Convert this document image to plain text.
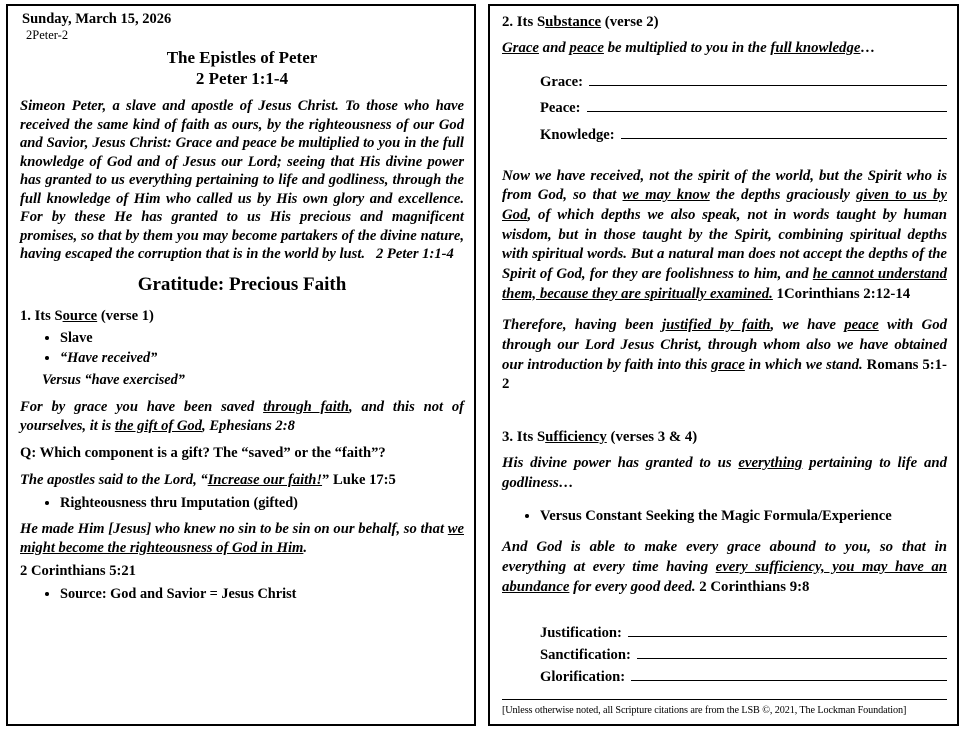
Sunday, March 15, 2026
2Peter-2
The Epistles of Peter
2 Peter 1:1-4

Simeon Peter, a slave and apostle of Jesus Christ. To those who have received the same kind of faith as ours, by the righteousness of our God and Savior, Jesus Christ: Grace and peace be multiplied to you in the full knowledge of God and of Jesus our Lord; seeing that His divine power has granted to us everything pertaining to life and godliness, through the full knowledge of Him who called us by His own glory and excellence. For by these He has granted to us His precious and magnificent promises, so that by them you may become partakers of the divine nature, having escaped the corruption that is in the world by lust. 2 Peter 1:1-4

Gratitude: Precious Faith
1. Its Source (verse 1)
• Slave
• “Have received”
Versus “have exercised”

For by grace you have been saved through faith, and this not of yourselves, it is the gift of God, Ephesians 2:8

Q: Which component is a gift? The “saved” or the “faith”?

The apostles said to the Lord, “Increase our faith!” Luke 17:5

• Righteousness thru Imputation (gifted)

He made Him [Jesus] who knew no sin to be sin on our behalf, so that we might become the righteousness of God in Him.

2 Corinthians 5:21
• Source: God and Savior = Jesus Christ
2. Its Substance (verse 2)

Grace and peace be multiplied to you in the full knowledge…

Grace:
Peace:
Knowledge:

Now we have received, not the spirit of the world, but the Spirit who is from God, so that we may know the depths graciously given to us by God, of which depths we also speak, not in words taught by human wisdom, but in those taught by the Spirit, combining spiritual depths with spiritual words. But a natural man does not accept the depths of the Spirit of God, for they are foolishness to him, and he cannot understand them, because they are spiritually examined. 1Corinthians 2:12-14

Therefore, having been justified by faith, we have peace with God through our Lord Jesus Christ, through whom also we have obtained our introduction by faith into this grace in which we stand. Romans 5:1-2

3. Its Sufficiency (verses 3 & 4)

His divine power has granted to us everything pertaining to life and godliness…

• Versus Constant Seeking the Magic Formula/Experience

And God is able to make every grace abound to you, so that in everything at every time having every sufficiency, you may have an abundance for every good deed. 2 Corinthians 9:8

Justification:
Sanctification:
Glorification:
[Unless otherwise noted, all Scripture citations are from the LSB ©, 2021, The Lockman Foundation]
